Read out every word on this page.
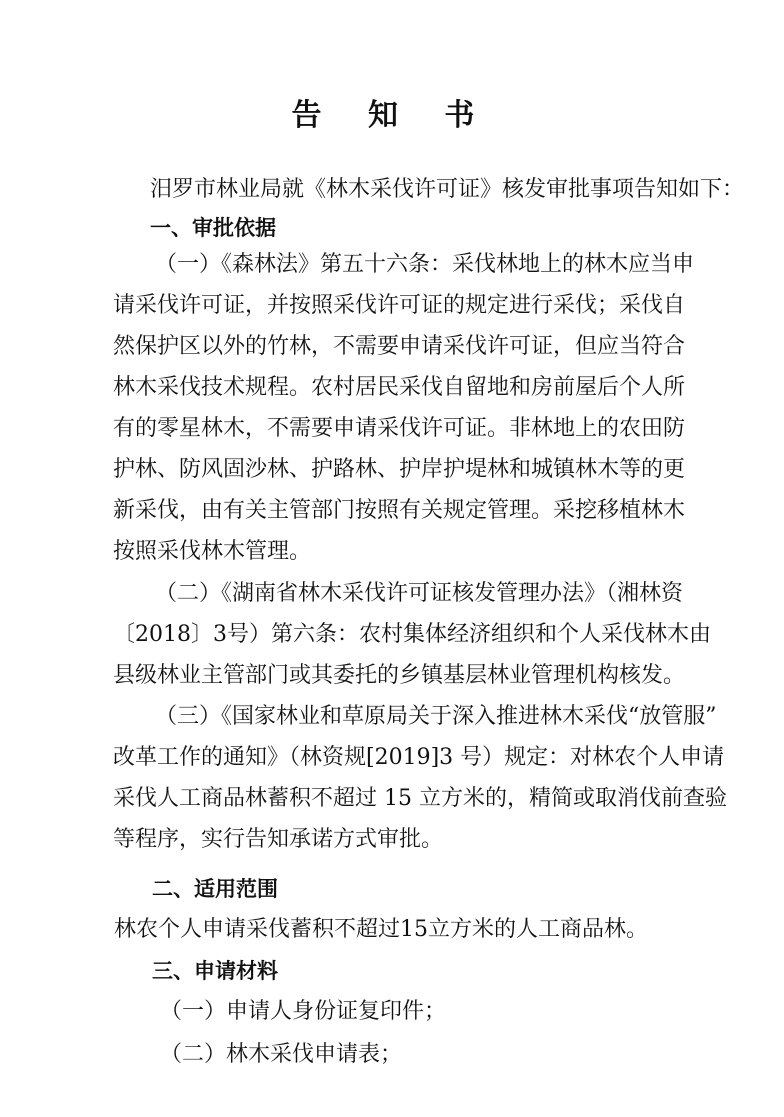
告 知 书
汨罗市林业局就《林木采伐许可证》核发审批事项告知如下：
一、审批依据
（一）《森林法》第五十六条：采伐林地上的林木应当申
请采伐许可证，并按照采伐许可证的规定进行采伐；采伐自
然保护区以外的竹林，不需要申请采伐许可证，但应当符合
林木采伐技术规程。农村居民采伐自留地和房前屋后个人所
有的零星林木，不需要申请采伐许可证。非林地上的农田防
护林、防风固沙林、护路林、护岸护堤林和城镇林木等的更
新采伐，由有关主管部门按照有关规定管理。采挖移植林木
按照采伐林木管理。
（二）《湖南省林木采伐许可证核发管理办法》（湘林资
〔2018〕3号）第六条：农村集体经济组织和个人采伐林木由
县级林业主管部门或其委托的乡镇基层林业管理机构核发。
（三）《国家林业和草原局关于深入推进林木采伐“放管服”
改革工作的通知》（林资规[2019]3 号）规定：对林农个人申请
采伐人工商品林蓄积不超过 15 立方米的，精简或取消伐前查验
等程序，实行告知承诺方式审批。
二、适用范围
林农个人申请采伐蓄积不超过15立方米的人工商品林。
三、申请材料
（一）申请人身份证复印件；
（二）林木采伐申请表；
